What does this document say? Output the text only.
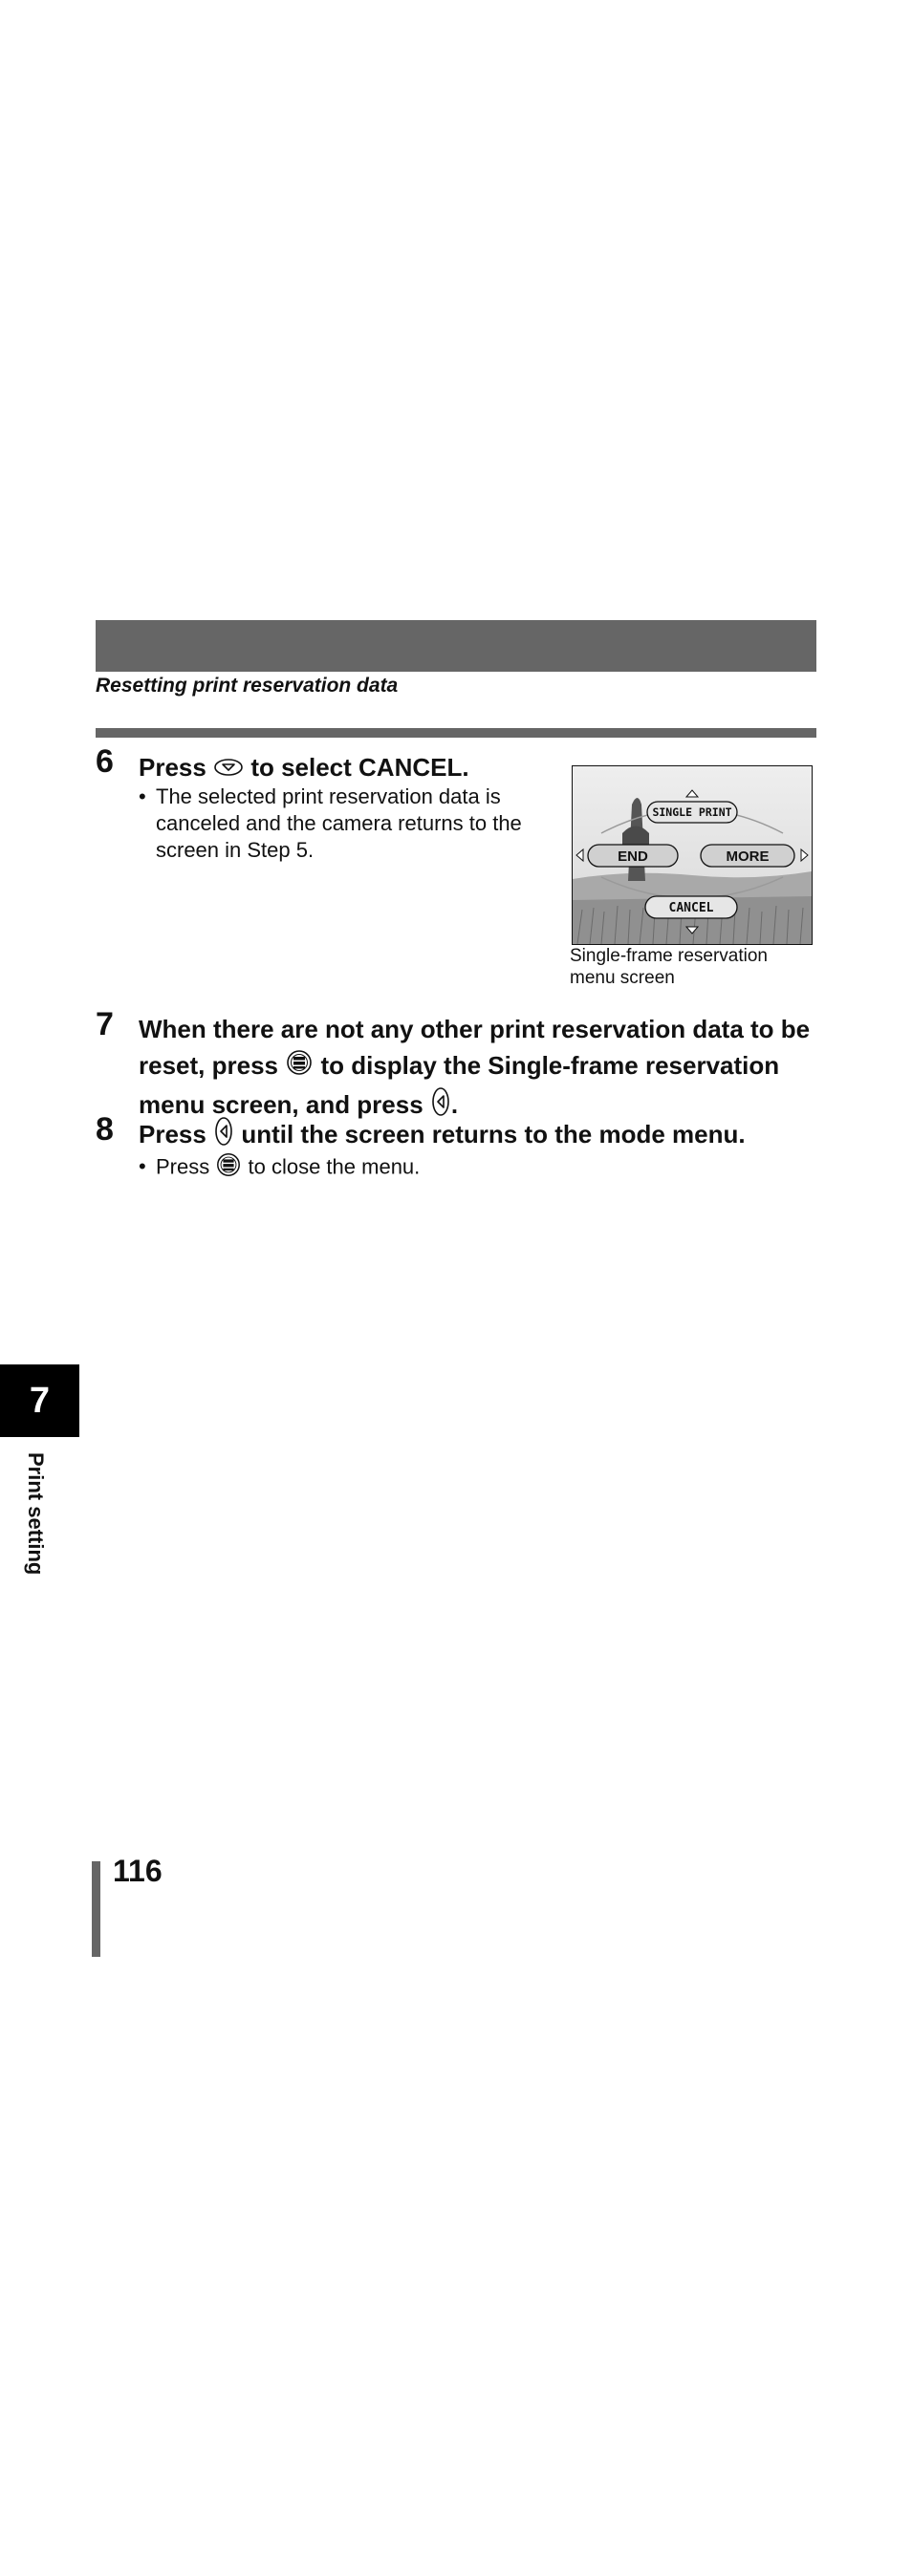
Resetting print reservation data
6 Press to select CANCEL.
• The selected print reservation data is
canceled and the camera returns to the
screen in Step 5.
SINGLE PRINT
END	MORE
CANCEL
Single-frame reservation
menu screen
7 When there are not any other print reservation data to be
reset, press to display the Single-frame reservation
menu screen, and press .
8 Press until the screen returns to the mode menu.
• Press to close the menu.
7
Print setting
116
